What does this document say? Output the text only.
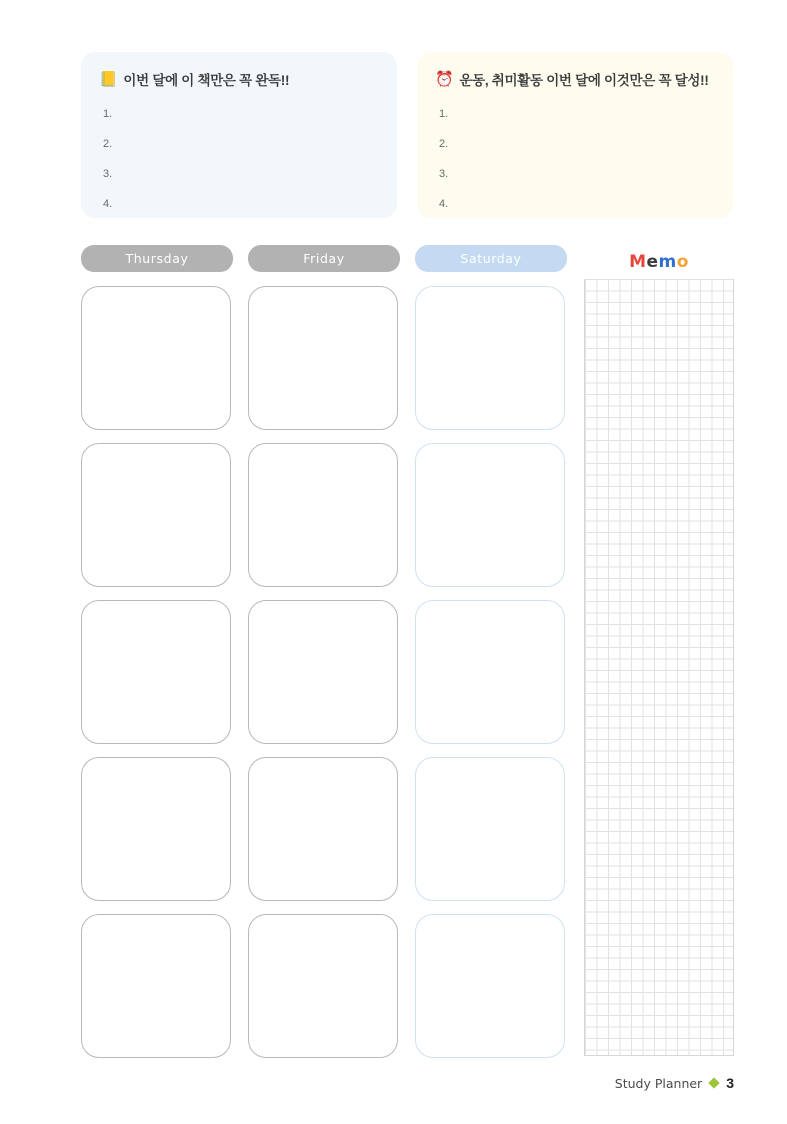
📒 이번 달에 이 책만은 꼭 완독!!
1.
2.
3.
4.
⏰ 운동, 취미활동 이번 달에 이것만은 꼭 달성!!
1.
2.
3.
4.
Thursday	Friday	Saturday	Memo
Study Planner 3
